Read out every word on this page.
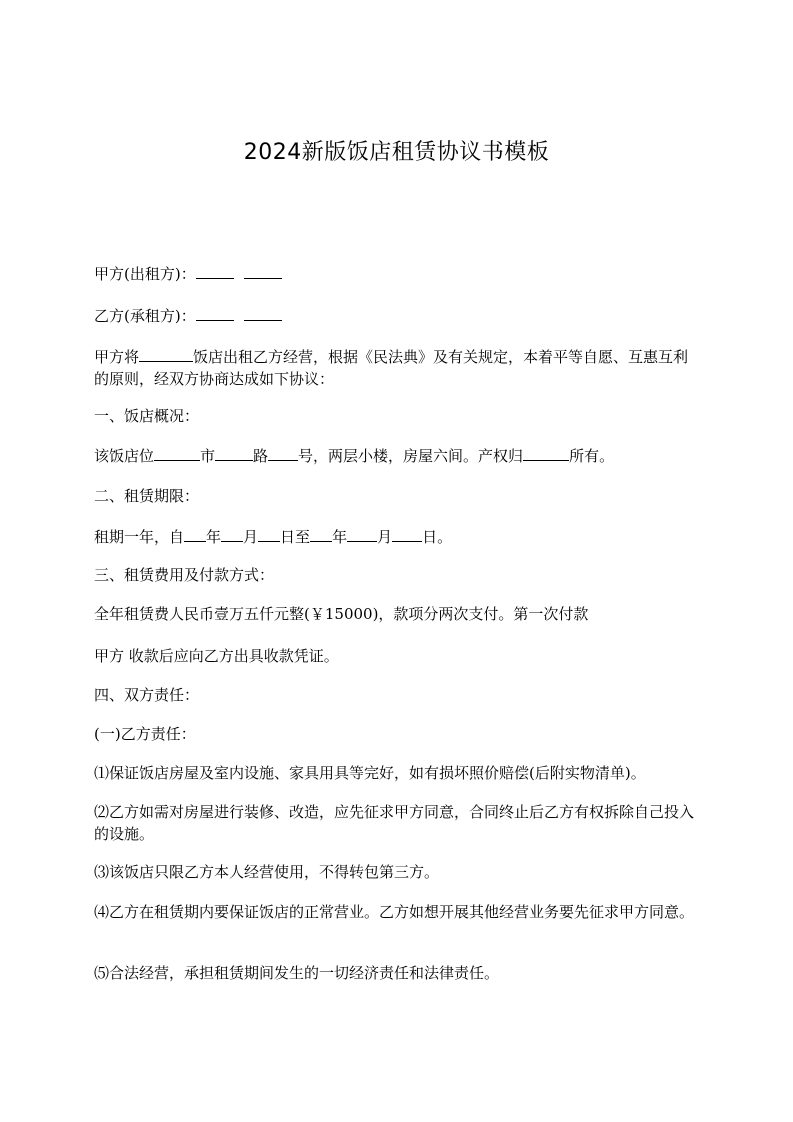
2024新版饭店租赁协议书模板
甲方(出租方)：
乙方(承租方)：
甲方将	饭店出租乙方经营，根据《民法典》及有关规定，本着平等自愿、互惠互利的原则，经双方协商达成如下协议：
一、饭店概况：
该饭店位	市	路 号，两层小楼，房屋六间。产权归	所有。
二、租赁期限：
租期一年，自 年 月 日至 年 月 日。
三、租赁费用及付款方式：
全年租赁费人民币壹万五仟元整(￥15000)，款项分两次支付。第一次付款
甲方 收款后应向乙方出具收款凭证。
四、双方责任：
(一)乙方责任：
⑴保证饭店房屋及室内设施、家具用具等完好，如有损坏照价赔偿(后附实物清单)。
⑵乙方如需对房屋进行装修、改造，应先征求甲方同意，合同终止后乙方有权拆除自己投入的设施。
⑶该饭店只限乙方本人经营使用，不得转包第三方。
⑷乙方在租赁期内要保证饭店的正常营业。乙方如想开展其他经营业务要先征求甲方同意。
⑸合法经营，承担租赁期间发生的一切经济责任和法律责任。
